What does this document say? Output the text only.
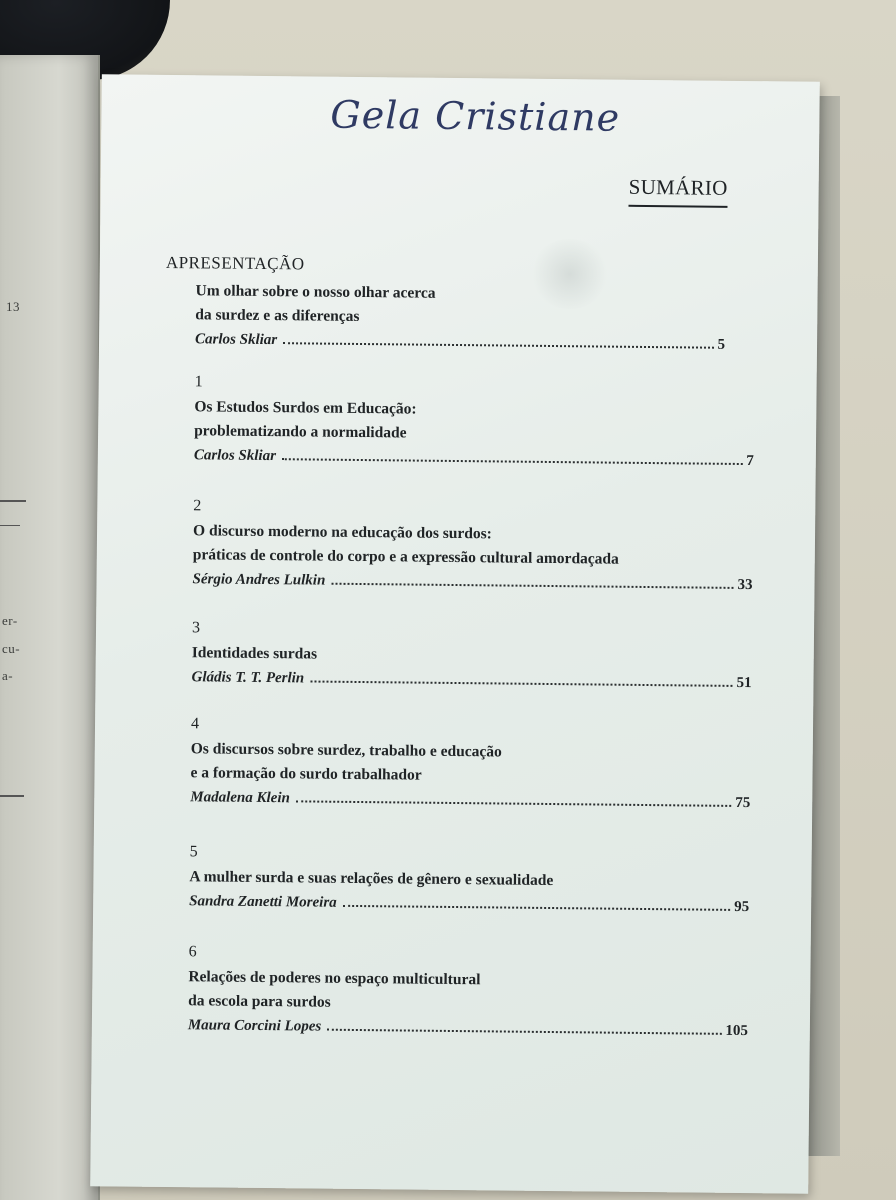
13
er-
cu-
a-
Gela Cristiane
SUMÁRIO
APRESENTAÇÃO
Um olhar sobre o nosso olhar acerca
da surdez e as diferenças
Carlos Skliar	5
1
Os Estudos Surdos em Educação:
problematizando a normalidade
Carlos Skliar	7
2
O discurso moderno na educação dos surdos:
práticas de controle do corpo e a expressão cultural amordaçada
Sérgio Andres Lulkin	33
3
Identidades surdas
Gládis T. T. Perlin	51
4
Os discursos sobre surdez, trabalho e educação
e a formação do surdo trabalhador
Madalena Klein	75
5
A mulher surda e suas relações de gênero e sexualidade
Sandra Zanetti Moreira	95
6
Relações de poderes no espaço multicultural
da escola para surdos
Maura Corcini Lopes	105
